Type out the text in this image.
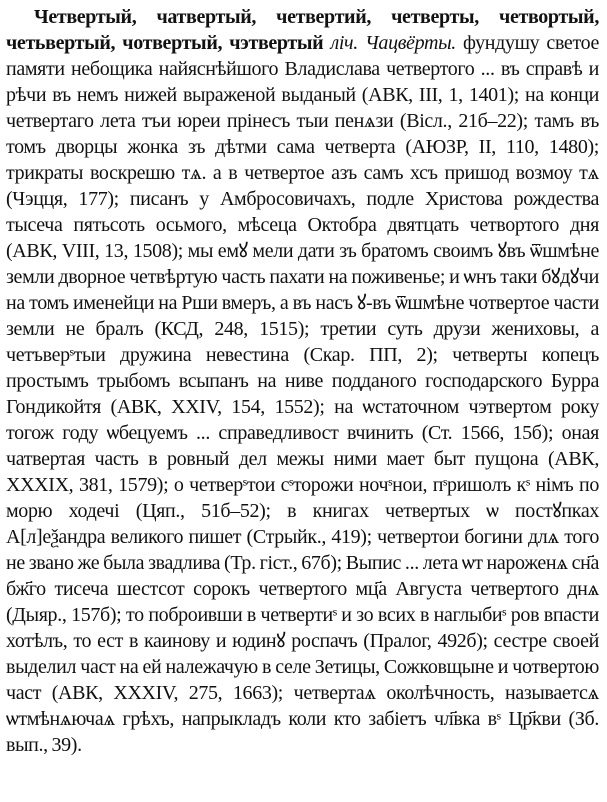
Четвертый, чатвертый, четвертий, четверты, четвортый, четьвертый, чотвертый, чэтвертый лiч. Чацвёрты. фундушу светое памяти небощика найяснѣйшого Владислава четвертого ... въ справѣ и рѣчи въ немъ нижей выраженой выданый (АВК, III, 1, 1401); на конци четвертаго лета тъи юреи прiнесъ тыи пенѧзи (Вiсл., 21б–22); тамъ въ томъ дворцы жонка зъ дѣтми сама четверта (АЮЗР, II, 110, 1480); трикраты воскрешю тѧ. а в четвертое азъ самъ хсъ пришод возмоу тѧ (Чэцця, 177); писанъ у Амбросовичахъ, подле Христова рождества тысеча пятьсоть осьмого, мѣсеца Октобра двятцать четвортого дня (АВК, VIII, 13, 1508); мы емꙋ мели дати зъ братомъ своимъ ꙋвъ ѿшмѣне земли дворное четвѣртую часть пахати на поживенье; и ѡнъ таки бꙋдꙋчи на томъ именейци на Рши вмеръ, а въ насъ ꙋ-въ ѿшмѣне чотвертое части земли не бралъ (КСД, 248, 1515); третии суть друзи жениховы, а четъверˢтыи дружина невестина (Скар. ПП, 2); четверты копецъ простымъ трыбомъ всыпанъ на ниве подданого господарского Бурра Гондикойтя (АВК, XXIV, 154, 1552); на ѡстаточном чэтвертом року тогож году ѡбецуемъ ... справедливост вчинить (Ст. 1566, 15б); оная чатвертая часть в ровный дел межы ними мает быт пущона (АВК, XXXIX, 381, 1579); о четверˢтои сˢторожи ночˢнои, пˢришолъ кˢ нiмъ по морю ходечi (Цяп., 51б–52); в книгах четвертых ѡ постꙋпках А[л]еѯандра великого пишет (Стрыйк., 419); четвертои богини длѧ того не звано же была звадлива (Тр. гiст., 67б); Выпис ... лета ѡт нароженѧ сн҃а бж҃го тисеча шестсот сорокъ четвертого мц҃а Августа четвертого днѧ (Дыяр., 157б); то поброивши в четвертиˢ и зо всих в наглыбиˢ ров впасти хотѣлъ, то ест в каинову и юдинꙋ роспачъ (Пралог, 492б); сестре своей выделил част на ей належачую в селе Зетицы, Сожковщыне и чотвертою част (АВК, XXXIV, 275, 1663); четвертаѧ околѣчность, называетсѧ ѡтмѣнѧючаѧ грѣхъ, напрыкладъ коли кто забiетъ чл҃вка вˢ Цр҃кви (Зб. вып., 39).
